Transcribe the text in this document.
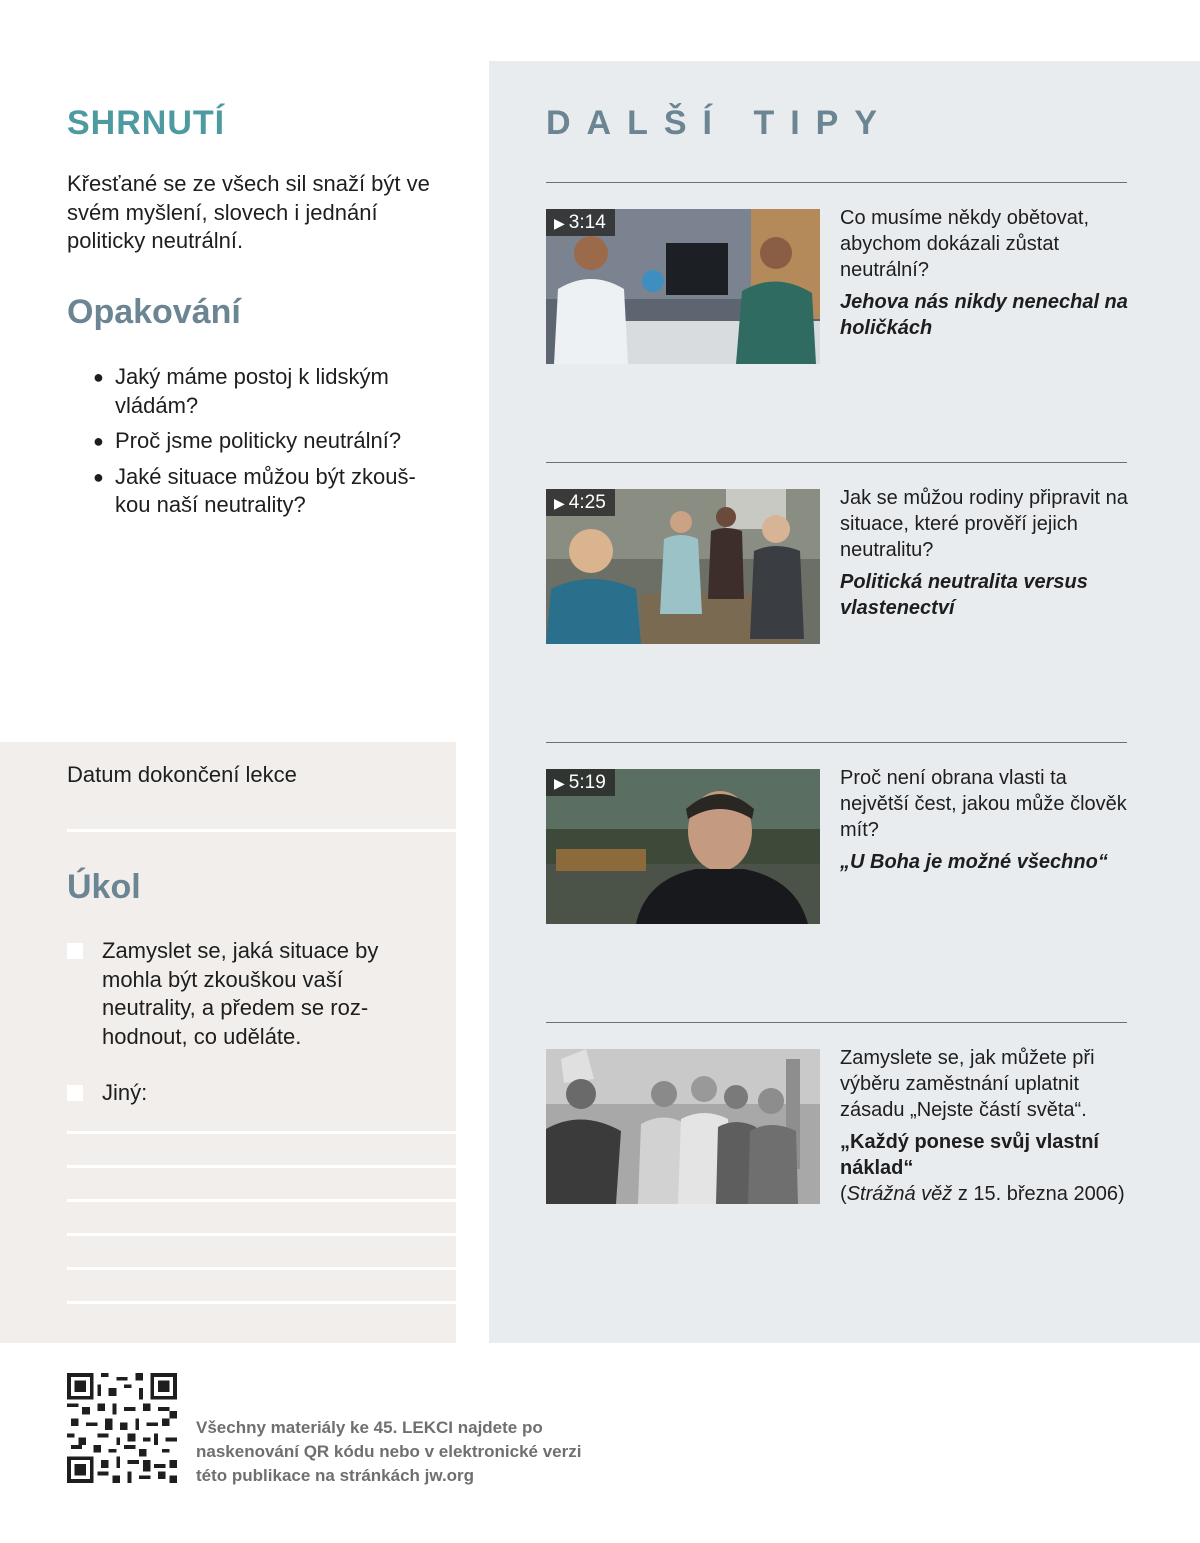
SHRNUTÍ

Křesťané se ze všech sil snaží být ve svém myšlení, slovech i jednání politicky neutrální.

Opakování
● Jaký máme postoj k lidským vládám?
● Proč jsme politicky neutrální?
● Jaké situace můžou být zkouškou naší neutrality?
Datum dokončení lekce
Úkol
Zamyslet se, jaká situace by mohla být zkouškou vaší neutrality, a předem se rozhodnout, co uděláte.
Jiný:
DALŠÍ TIPY
▶ 3:14	Co musíme někdy obětovat, abychom dokázali zůstat neutrální?
Jehova nás nikdy nenechal na holičkách
▶ 4:25	Jak se můžou rodiny připravit na situace, které prověří jejich neutralitu?
Politická neutralita versus vlastenectví
▶ 5:19	Proč není obrana vlasti ta největší čest, jakou může člověk mít?
„U Boha je možné všechno“
Zamyslete se, jak můžete při výběru zaměstnání uplatnit zásadu „Nejste částí světa“.
„Každý ponese svůj vlastní náklad“
(Strážná věž z 15. března 2006)

Všechny materiály ke 45. LEKCI najdete po naskenování QR kódu nebo v elektronické verzi této publikace na stránkách jw.org
